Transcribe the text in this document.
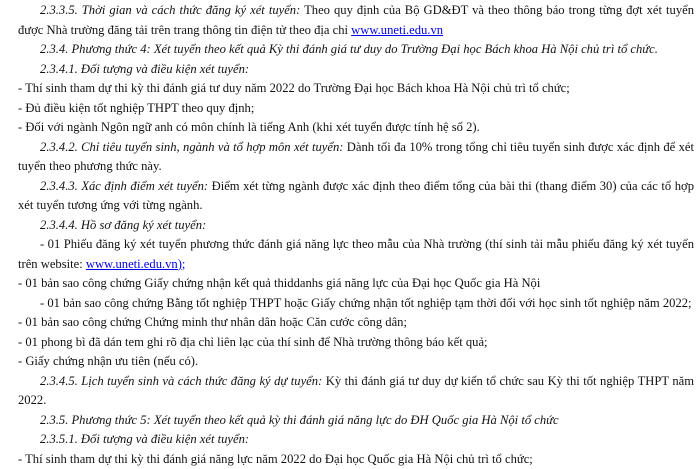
2.3.3.5. Thời gian và cách thức đăng ký xét tuyển: Theo quy định của Bộ GD&ĐT và theo thông báo trong từng đợt xét tuyển được Nhà trường đăng tải trên trang thông tin điện tử theo địa chỉ www.uneti.edu.vn

2.3.4. Phương thức 4: Xét tuyển theo kết quả Kỳ thi đánh giá tư duy do Trường Đại học Bách khoa Hà Nội chủ trì tổ chức.

2.3.4.1. Đối tượng và điều kiện xét tuyển:

- Thí sinh tham dự thi kỳ thi đánh giá tư duy năm 2022 do Trường Đại học Bách khoa Hà Nội chủ trì tổ chức;

- Đủ điều kiện tốt nghiệp THPT theo quy định;

- Đối với ngành Ngôn ngữ anh có môn chính là tiếng Anh (khi xét tuyển được tính hệ số 2).

2.3.4.2. Chỉ tiêu tuyển sinh, ngành và tổ hợp môn xét tuyển: Dành tối đa 10% trong tổng chỉ tiêu tuyển sinh được xác định để xét tuyển theo phương thức này.

2.3.4.3. Xác định điểm xét tuyển: Điểm xét từng ngành được xác định theo điểm tổng của bài thi (thang điểm 30) của các tổ hợp xét tuyển tương ứng với từng ngành.

2.3.4.4. Hồ sơ đăng ký xét tuyển:

- 01 Phiếu đăng ký xét tuyển phương thức đánh giá năng lực theo mẫu của Nhà trường (thí sinh tải mẫu phiếu đăng ký xét tuyển trên website: www.uneti.edu.vn);

- 01 bản sao công chứng Giấy chứng nhận kết quả thiddanhs giá năng lực của Đại học Quốc gia Hà Nội

- 01 bản sao công chứng Bằng tốt nghiệp THPT hoặc Giấy chứng nhận tốt nghiệp tạm thời đối với học sinh tốt nghiệp năm 2022;

- 01 bản sao công chứng Chứng minh thư nhân dân hoặc Căn cước công dân;

- 01 phong bì đã dán tem ghi rõ địa chỉ liên lạc của thí sinh để Nhà trường thông báo kết quả;

- Giấy chứng nhận ưu tiên (nếu có).

2.3.4.5. Lịch tuyển sinh và cách thức đăng ký dự tuyển: Kỳ thi đánh giá tư duy dự kiến tổ chức sau Kỳ thi tốt nghiệp THPT năm 2022.

2.3.5. Phương thức 5: Xét tuyển theo kết quả kỳ thi đánh giá năng lực do ĐH Quốc gia Hà Nội tổ chức

2.3.5.1. Đối tượng và điều kiện xét tuyển:

- Thí sinh tham dự thi kỳ thi đánh giá năng lực năm 2022 do Đại học Quốc gia Hà Nội chủ trì tổ chức;
